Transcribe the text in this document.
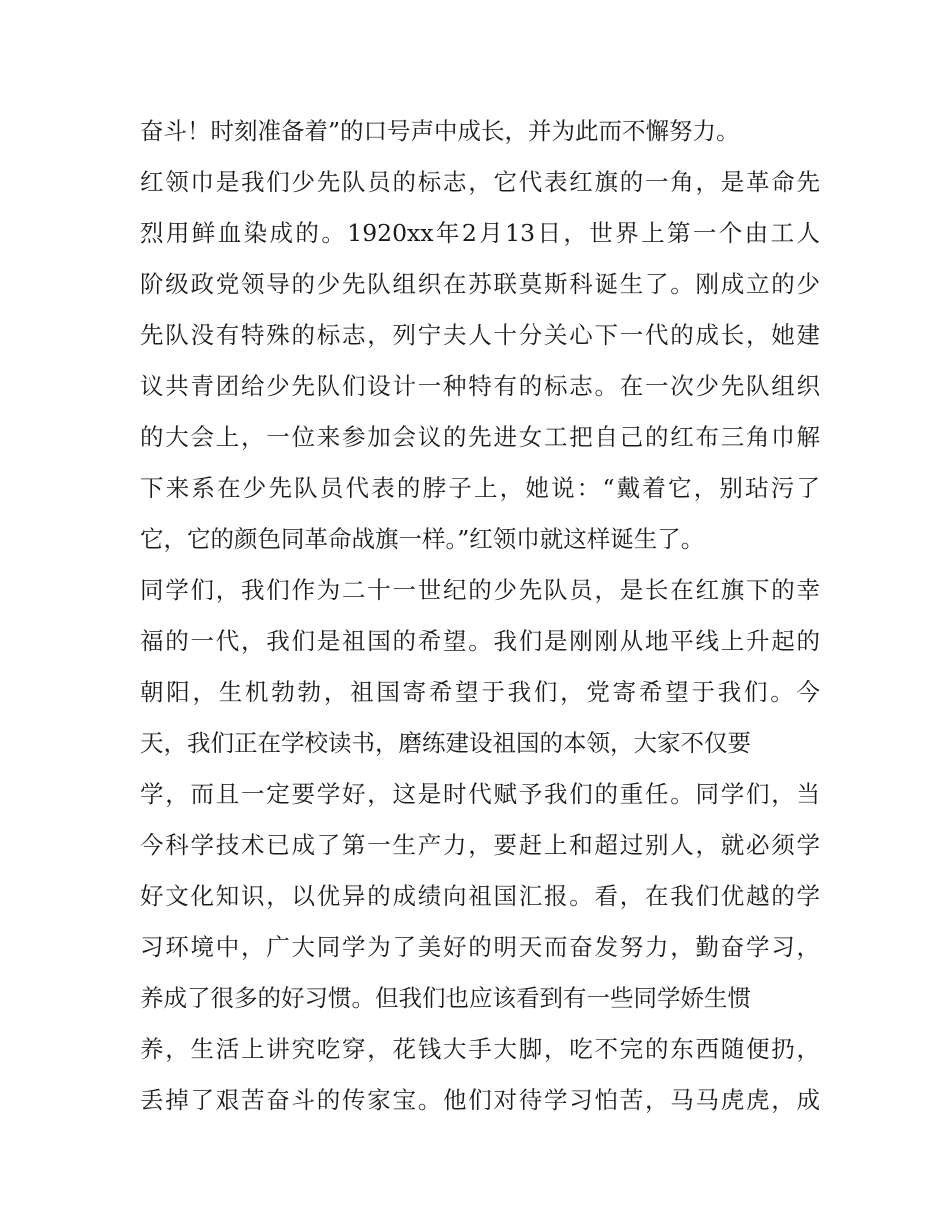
奋斗！时刻准备着”的口号声中成长，并为此而不懈努力。
红领巾是我们少先队员的标志，它代表红旗的一角，是革命先
烈用鲜血染成的。1920xx年2月13日，世界上第一个由工人
阶级政党领导的少先队组织在苏联莫斯科诞生了。刚成立的少
先队没有特殊的标志，列宁夫人十分关心下一代的成长，她建
议共青团给少先队们设计一种特有的标志。在一次少先队组织
的大会上，一位来参加会议的先进女工把自己的红布三角巾解
下来系在少先队员代表的脖子上，她说：“戴着它，别玷污了
它，它的颜色同革命战旗一样。”红领巾就这样诞生了。
同学们，我们作为二十一世纪的少先队员，是长在红旗下的幸
福的一代，我们是祖国的希望。我们是刚刚从地平线上升起的
朝阳，生机勃勃，祖国寄希望于我们，党寄希望于我们。今
天，我们正在学校读书，磨练建设祖国的本领，大家不仅要
学，而且一定要学好，这是时代赋予我们的重任。同学们，当
今科学技术已成了第一生产力，要赶上和超过别人，就必须学
好文化知识，以优异的成绩向祖国汇报。看，在我们优越的学
习环境中，广大同学为了美好的明天而奋发努力，勤奋学习，
养成了很多的好习惯。但我们也应该看到有一些同学娇生惯
养，生活上讲究吃穿，花钱大手大脚，吃不完的东西随便扔，
丢掉了艰苦奋斗的传家宝。他们对待学习怕苦，马马虎虎，成
